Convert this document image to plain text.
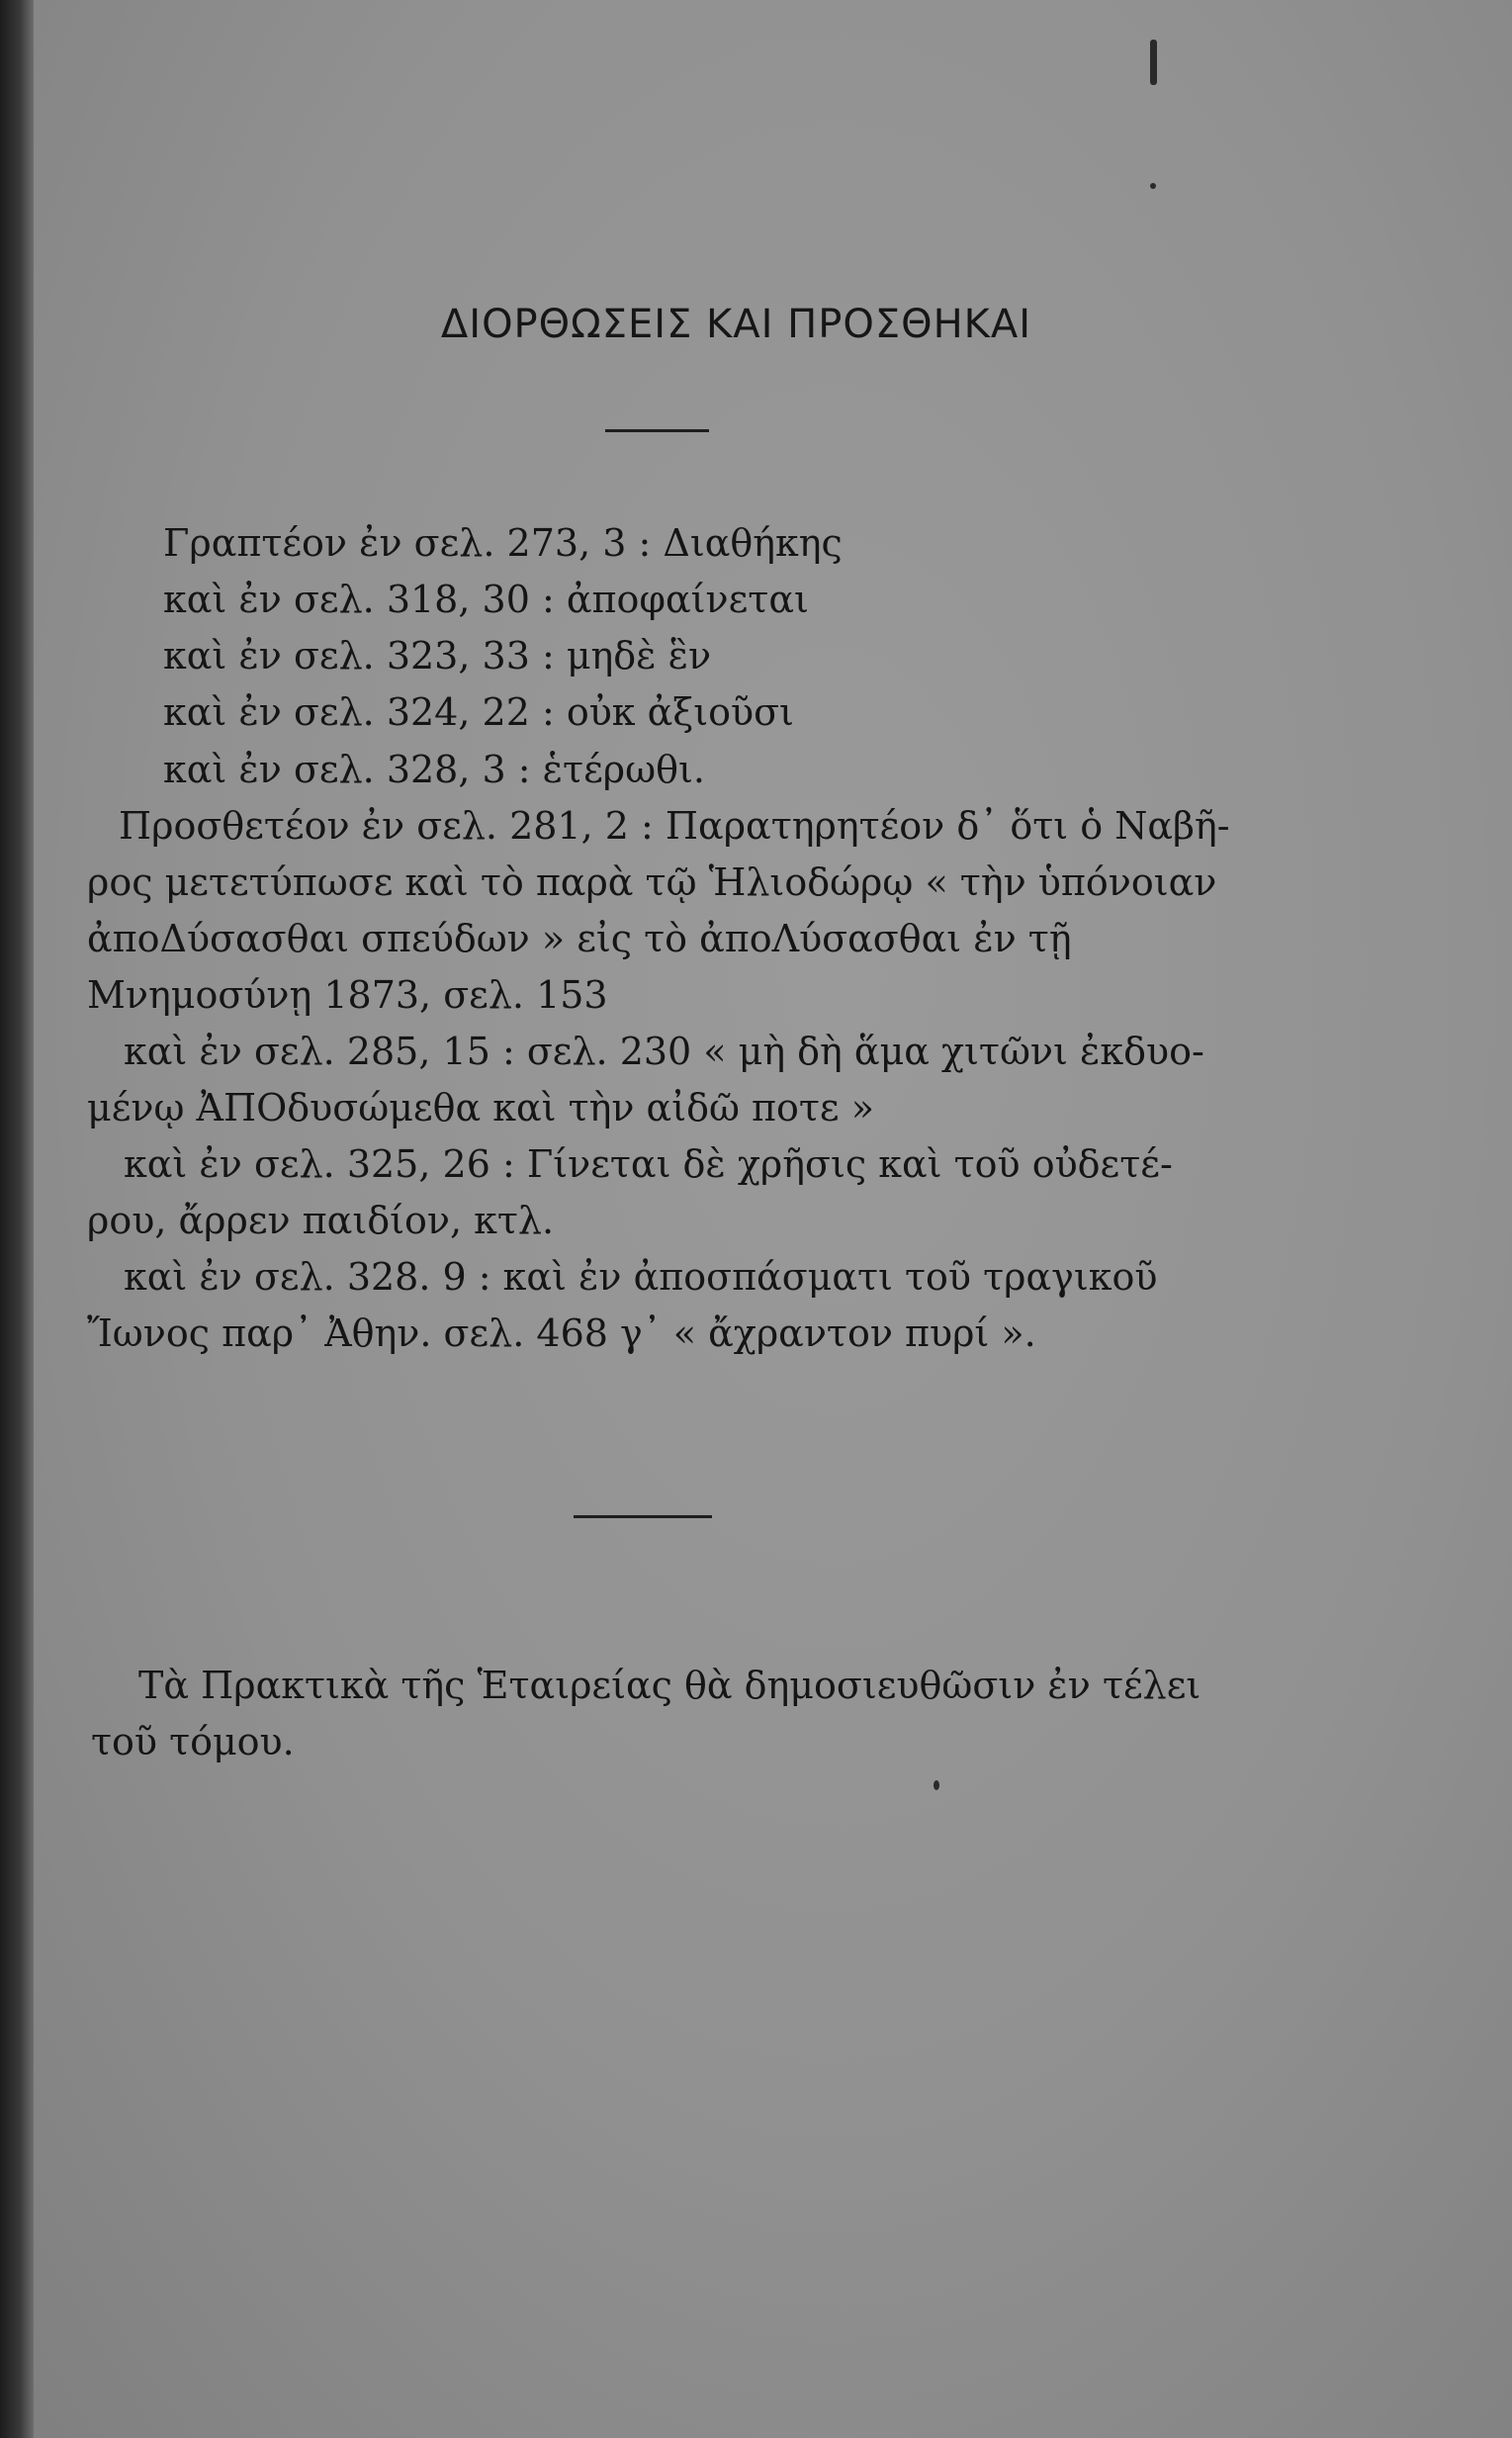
ΔΙΟΡΘΩΣΕΙΣ ΚΑΙ ΠΡΟΣΘΗΚΑΙ
Γραπτέον ἐν σελ. 273, 3 : Διαθήκης
καὶ ἐν σελ. 318, 30 : ἀποφαίνεται
καὶ ἐν σελ. 323, 33 : μηδὲ ἓν
καὶ ἐν σελ. 324, 22 : οὐκ ἀξιοῦσι
καὶ ἐν σελ. 328, 3 : ἑτέρωθι.
Προσθετέον ἐν σελ. 281, 2 : Παρατηρητέον δ᾽ ὅτι ὁ Ναβῆ-
ρος μετετύπωσε καὶ τὸ παρὰ τῷ Ἡλιοδώρῳ « τὴν ὑπόνοιαν
ἀποΔύσασθαι σπεύδων » εἰς τὸ ἀποΛύσασθαι ἐν τῇ
Μνημοσύνῃ 1873, σελ. 153
καὶ ἐν σελ. 285, 15 : σελ. 230 « μὴ δὴ ἅμα χιτῶνι ἐκδυο-
μένῳ ἈΠΟδυσώμεθα καὶ τὴν αἰδῶ ποτε »
καὶ ἐν σελ. 325, 26 : Γίνεται δὲ χρῆσις καὶ τοῦ οὐδετέ-
ρου, ἄρρεν παιδίον, κτλ.
καὶ ἐν σελ. 328. 9 : καὶ ἐν ἀποσπάσματι τοῦ τραγικοῦ
Ἴωνος παρ᾽ Ἀθην. σελ. 468 γ᾽ « ἄχραντον πυρί ».
Τὰ Πρακτικὰ τῆς Ἑταιρείας θὰ δημοσιευθῶσιν ἐν τέλει
τοῦ τόμου.
